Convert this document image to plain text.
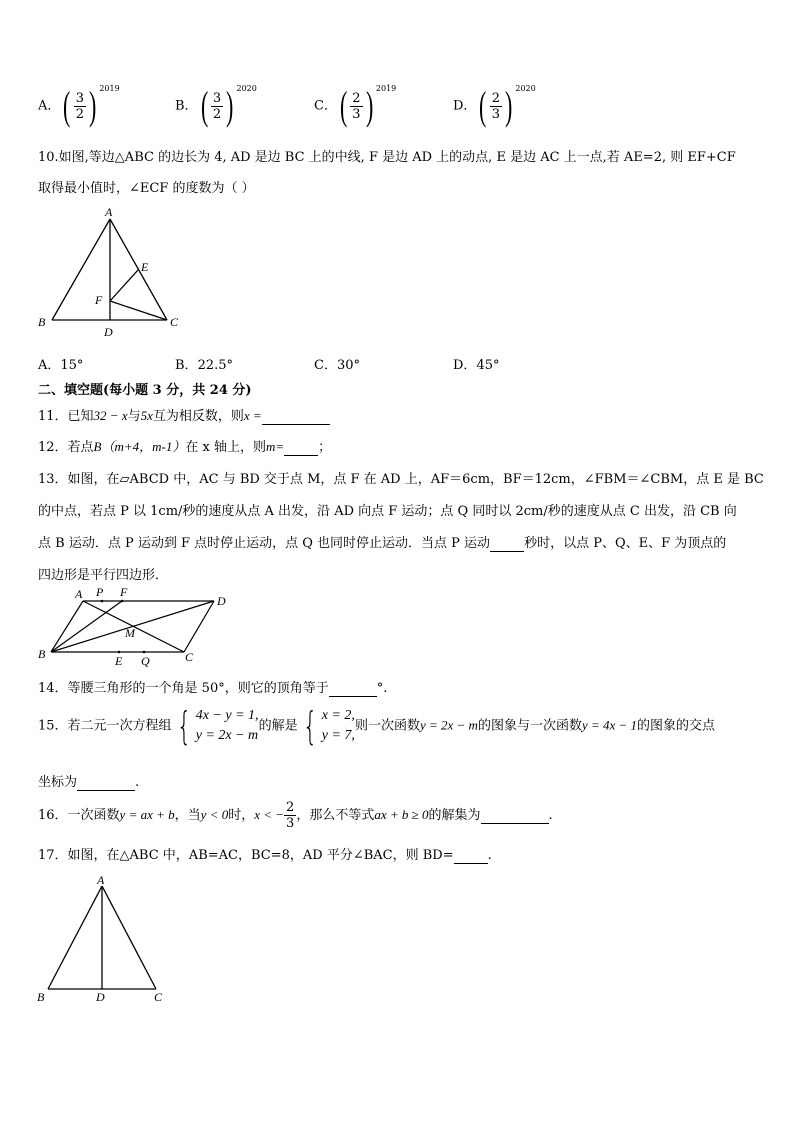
A．( $\frac{3}{2}$ ) $^{2019}$
B．( $\frac{3}{2}$ ) $^{2020}$
C．( $\frac{2}{3}$ ) $^{2019}$
D．( $\frac{2}{3}$ ) $^{2020}$
10.如图,等边△ABC 的边长为 4, AD 是边 BC 上的中线, F 是边 AD 上的动点, E 是边 AC 上一点,若 AE=2, 则 EF+CF
取得最小值时，∠ECF 的度数为（ ）
A
B	C
D
E
F
A．15°	B．22.5°	C．30°	D．45°
二、填空题(每小题 3 分，共 24 分)
11．已知32 − x与5x互为相反数，则x =
12．若点B（m+4，m-1）在 x 轴上，则m=	；
13．如图，在▱ABCD 中，AC 与 BD 交于点 M，点 F 在 AD 上，AF＝6cm，BF＝12cm，∠FBM＝∠CBM，点 E 是 BC
的中点，若点 P 以 1cm/秒的速度从点 A 出发，沿 AD 向点 F 运动；点 Q 同时以 2cm/秒的速度从点 C 出发，沿 CB 向
点 B 运动．点 P 运动到 F 点时停止运动，点 Q 也同时停止运动．当点 P 运动	秒时，以点 P、Q、E、F 为顶点的
四边形是平行四边形．
A P F
D
M
B	E Q	C
14．等腰三角形的一个角是 50°，则它的顶角等于	°.
15．若二元一次方程组 { 4x − y = 1,
y = 2x − m
的解是 { x = 2,
y = 7,
则一次函数y = 2x − m的图象与一次函数y = 4x − 1的图象的交点
坐标为	.
16．一次函数y = ax + b，当y < 0时，x < − $\frac{2}{3}$ ，那么不等式ax + b ≥ 0的解集为	.
17．如图，在△ABC 中，AB=AC，BC=8，AD 平分∠BAC，则 BD=	.
A
B	D	C
